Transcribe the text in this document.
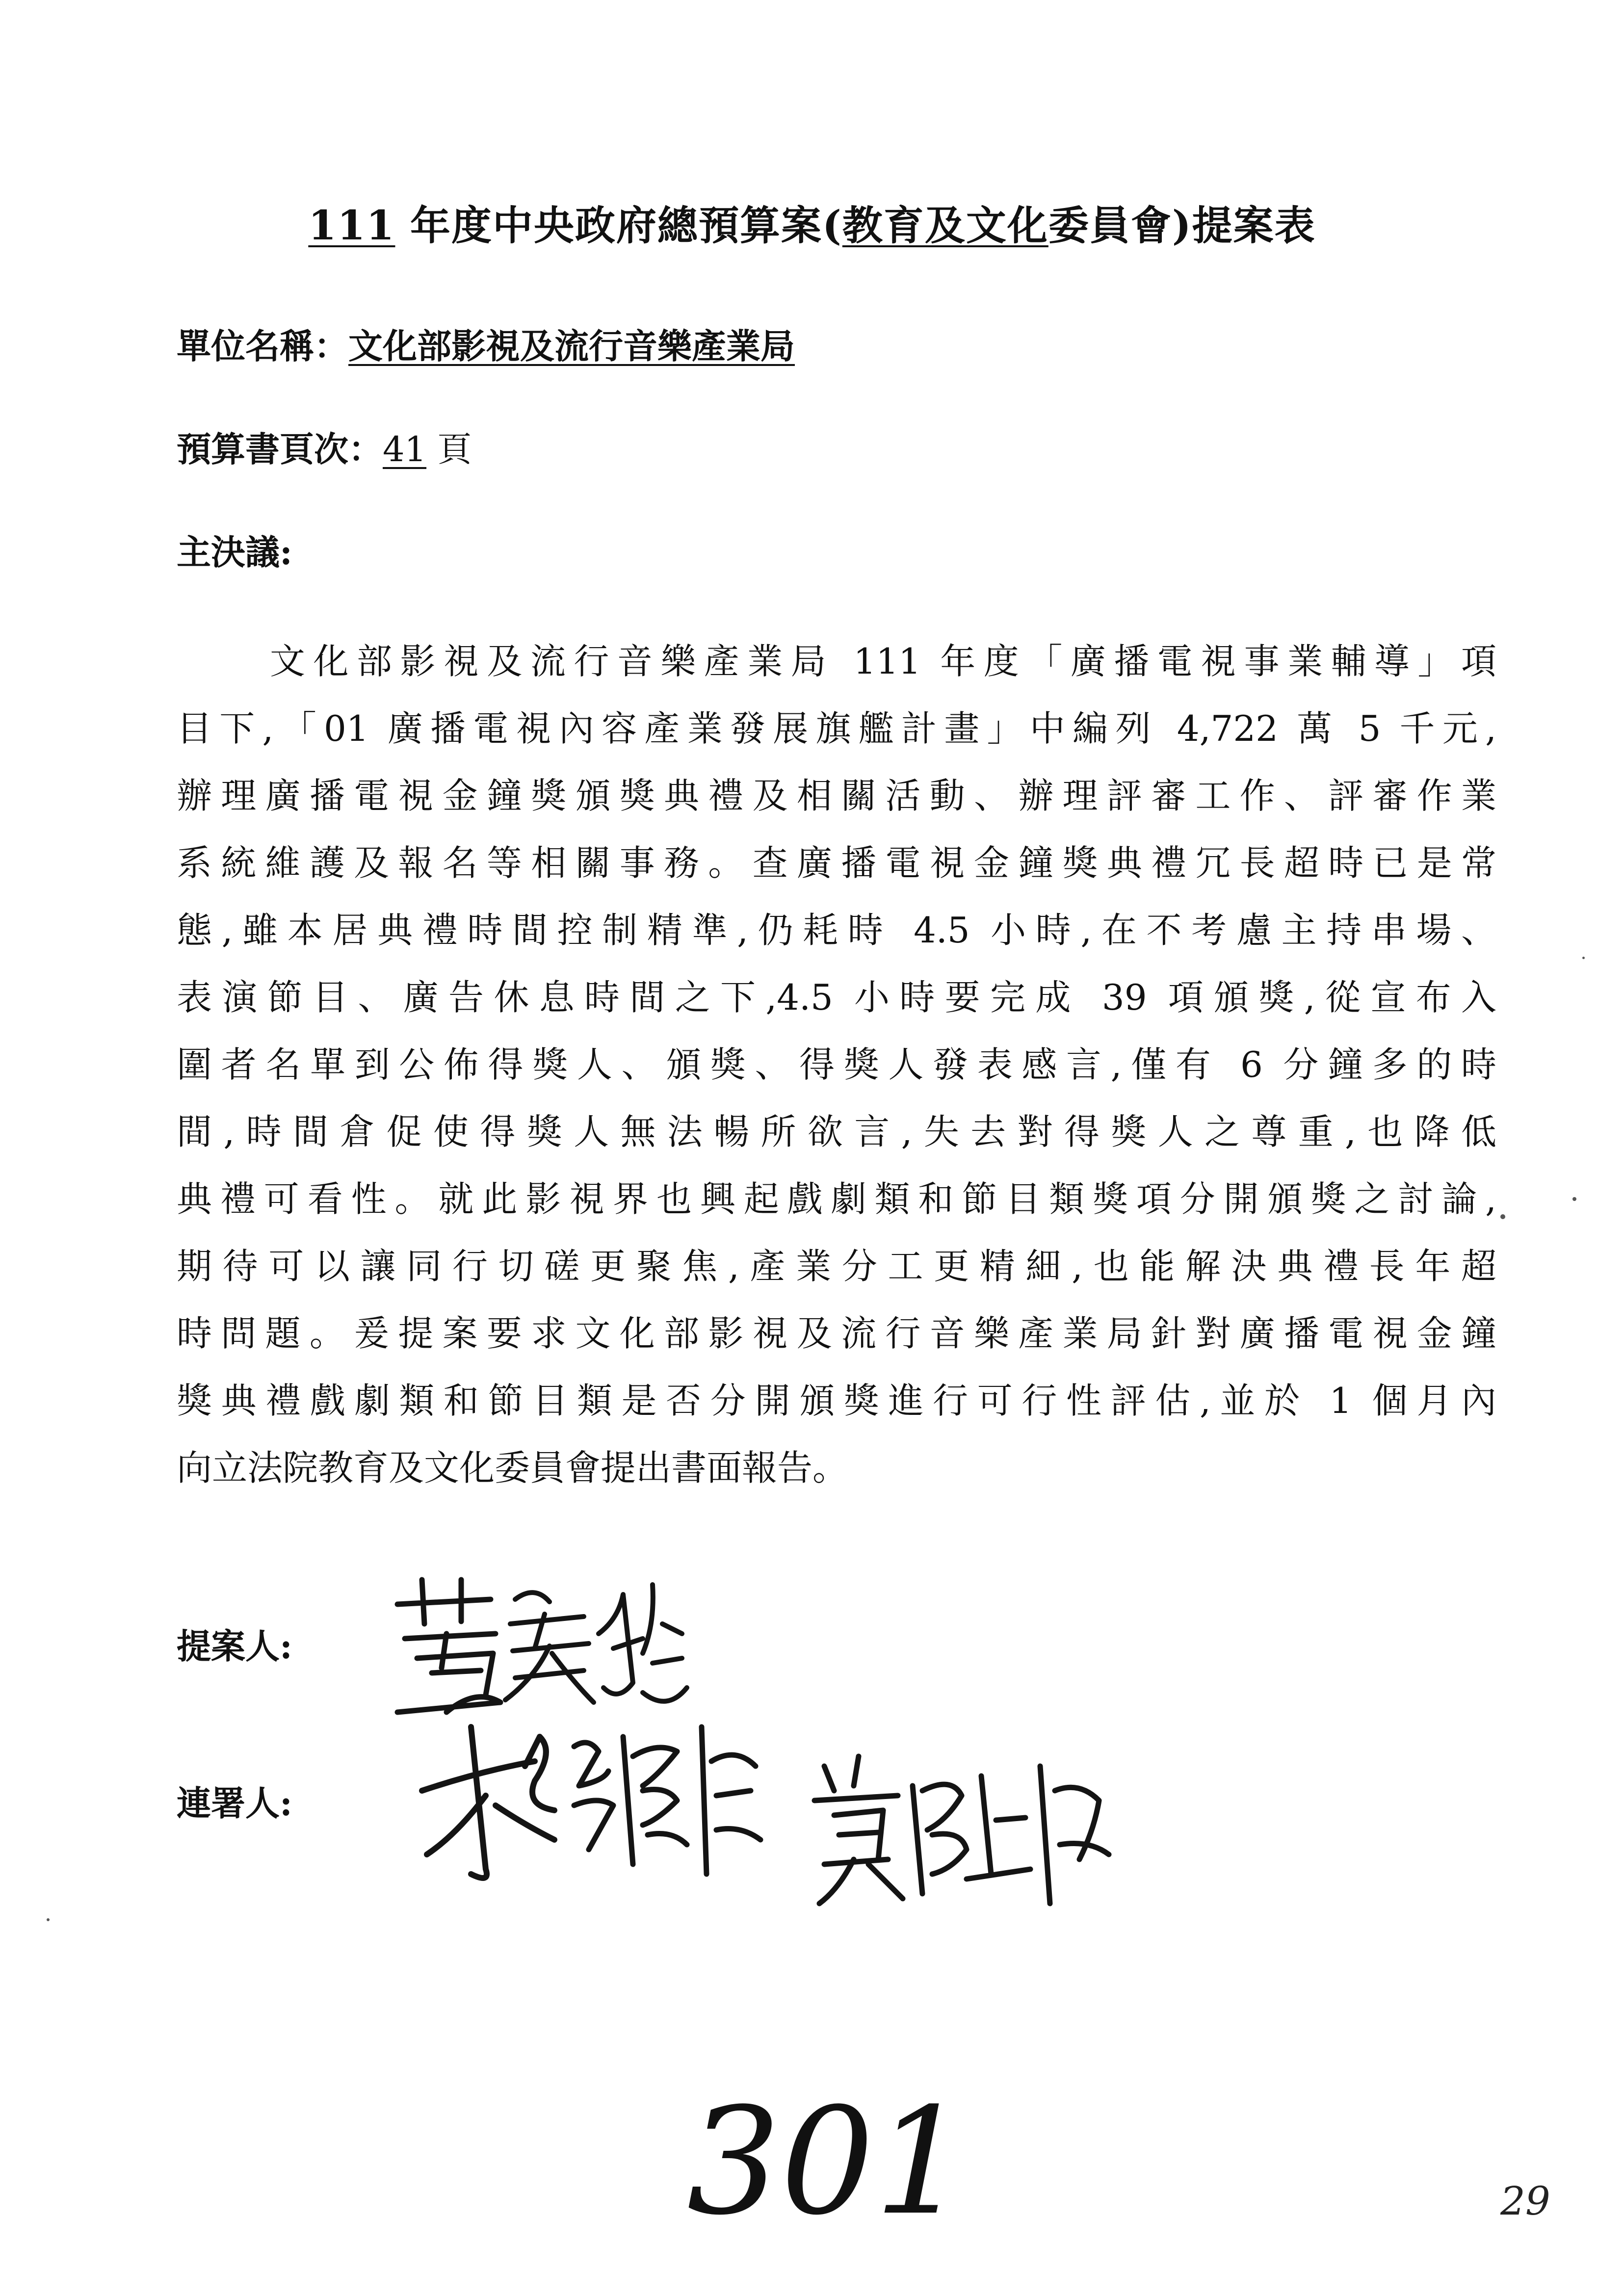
111 年度中央政府總預算案(教育及文化委員會)提案表
單位名稱：文化部影視及流行音樂產業局
預算書頁次：41 頁
主決議:
文化部影視及流行音樂產業局 111 年度「廣播電視事業輔導」項
目下,「01 廣播電視內容產業發展旗艦計畫」中編列 4,722 萬 5 千元,
辦理廣播電視金鐘獎頒獎典禮及相關活動、辦理評審工作、評審作業
系統維護及報名等相關事務。查廣播電視金鐘獎典禮冗長超時已是常
態,雖本居典禮時間控制精準,仍耗時 4.5 小時,在不考慮主持串場、
表演節目、廣告休息時間之下,4.5 小時要完成 39 項頒獎,從宣布入
圍者名單到公佈得獎人、頒獎、得獎人發表感言,僅有 6 分鐘多的時
間,時間倉促使得獎人無法暢所欲言,失去對得獎人之尊重,也降低
典禮可看性。就此影視界也興起戲劇類和節目類獎項分開頒獎之討論,
期待可以讓同行切磋更聚焦,產業分工更精細,也能解決典禮長年超
時問題。爰提案要求文化部影視及流行音樂產業局針對廣播電視金鐘
獎典禮戲劇類和節目類是否分開頒獎進行可行性評估,並於 1 個月內
向立法院教育及文化委員會提出書面報告。
提案人:
連署人:
301	29
